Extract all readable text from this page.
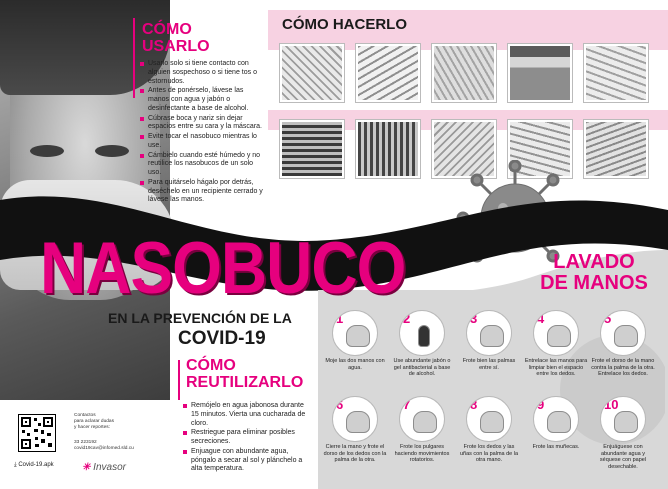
CÓMO
USARLO
Usarlo solo si tiene contacto con alguien sospechoso o si tiene tos o estornudos.
Antes de ponérselo, lávese las manos con agua y jabón o desinfectante a base de alcohol.
Cúbrase boca y nariz sin dejar espacios entre su cara y la máscara.
Evite tocar el nasobuco mientras lo use.
Cámbielo cuando esté húmedo y no reutilice los nasobucos de un solo uso.
Para quitárselo hágalo por detrás, deséchelo en un recipiente cerrado y lávese las manos.
CÓMO HACERLO
LAVADO
DE MANOS
1
Moje las dos manos con agua.
2
Use abundante jabón o gel antibacterial a base de alcohol.
3
Frote bien las palmas entre sí.
4
Entrelace las manos para limpiar bien el espacio entre los dedos.
5
Frote el dorso de la mano contra la palma de la otra. Entrelace los dedos.
6
Cierre la mano y frote el dorso de los dedos con la palma de la otra.
7
Frote los pulgares haciendo movimientos rotatorios.
8
Frote los dedos y las uñas con la palma de la otra mano.
9
Frote las muñecas.
10
Enjuáguese con abundante agua y séquese con papel desechable.
NASOBUCO
EN LA PREVENCIÓN DE LA
COVID-19
CÓMO
REUTILIZARLO
Remójelo en agua jabonosa durante 15 minutos. Vierta una cucharada de cloro.
Restriegue para eliminar posibles secreciones.
Enjuague con abundante agua, póngalo a secar al sol y plánchelo a alta temperatura.
Contactos
para aclarar dudas
y hacer reportes:
33 223192
covid19cav@infomed.sld.cu
⤓ Covid-19.apk	✳ Invasor
